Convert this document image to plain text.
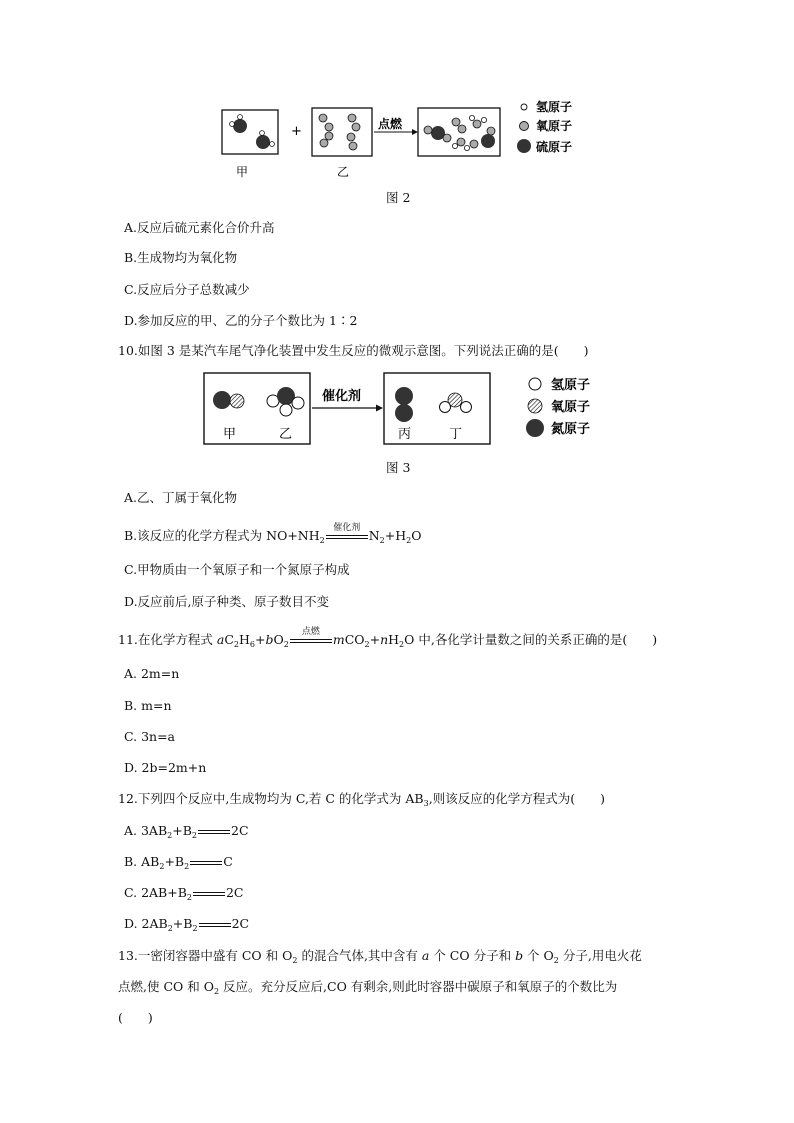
甲
+
乙
点燃
氢原子
氧原子
硫原子
图 2
A.反应后硫元素化合价升高
B.生成物均为氧化物
C.反应后分子总数减少
D.参加反应的甲、乙的分子个数比为 1∶2
10.如图 3 是某汽车尾气净化装置中发生反应的微观示意图。下列说法正确的是(　　)
甲	乙
催化剂
丙	丁
氢原子
氧原子
氮原子
图 3
A.乙、丁属于氧化物
B.该反应的化学方程式为 $NO+NH_2$
催化剂
$N_2+H_2O$
C.甲物质由一个氧原子和一个氮原子构成
D.反应前后,原子种类、原子数目不变
11.在化学方程式 $aC_2H_6+bO_2$
点燃
$mCO_2+nH_2O$ 中,各化学计量数之间的关系正确的是(　　)
A. 2m=n
B. m=n
C. 3n=a
D. 2b=2m+n
12.下列四个反应中,生成物均为 C,若 C 的化学式为 $AB_3$,则该反应的化学方程式为(　　)
A. $3AB_2+B_2$	2C
B. $AB_2+B_2$	C
C. $2AB+B_2$	2C
D. $2AB_2+B_2$	2C
13.一密闭容器中盛有 CO 和 $O_2$ 的混合气体,其中含有 a 个 CO 分子和 b 个 $O_2$ 分子,用电火花
点燃,使 CO 和 $O_2$ 反应。充分反应后,CO 有剩余,则此时容器中碳原子和氧原子的个数比为
(　　)
